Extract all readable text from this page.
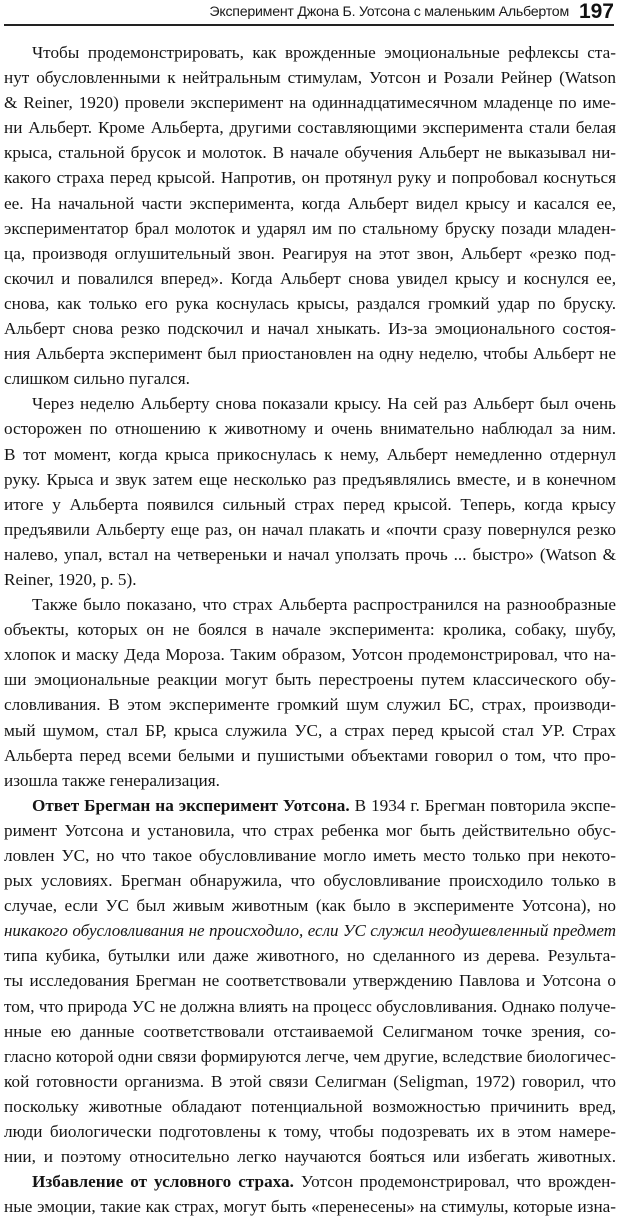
Эксперимент Джона Б. Уотсона с маленьким Альбертом 197
Чтобы продемонстрировать, как врожденные эмоциональные рефлексы ста-
нут обусловленными к нейтральным стимулам, Уотсон и Розали Рейнер (Watson
& Reiner, 1920) провели эксперимент на одиннадцатимесячном младенце по име-
ни Альберт. Кроме Альберта, другими составляющими эксперимента стали белая
крыса, стальной брусок и молоток. В начале обучения Альберт не выказывал ни-
какого страха перед крысой. Напротив, он протянул руку и попробовал коснуться
ее. На начальной части эксперимента, когда Альберт видел крысу и касался ее,
экспериментатор брал молоток и ударял им по стальному бруску позади младен-
ца, производя оглушительный звон. Реагируя на этот звон, Альберт «резко под-
скочил и повалился вперед». Когда Альберт снова увидел крысу и коснулся ее,
снова, как только его рука коснулась крысы, раздался громкий удар по бруску.
Альберт снова резко подскочил и начал хныкать. Из-за эмоционального состоя-
ния Альберта эксперимент был приостановлен на одну неделю, чтобы Альберт не
слишком сильно пугался.
Через неделю Альберту снова показали крысу. На сей раз Альберт был очень
осторожен по отношению к животному и очень внимательно наблюдал за ним.
В тот момент, когда крыса прикоснулась к нему, Альберт немедленно отдернул
руку. Крыса и звук затем еще несколько раз предъявлялись вместе, и в конечном
итоге у Альберта появился сильный страх перед крысой. Теперь, когда крысу
предъявили Альберту еще раз, он начал плакать и «почти сразу повернулся резко
налево, упал, встал на четвереньки и начал уползать прочь ... быстро» (Watson &
Reiner, 1920, p. 5).
Также было показано, что страх Альберта распространился на разнообразные
объекты, которых он не боялся в начале эксперимента: кролика, собаку, шубу,
хлопок и маску Деда Мороза. Таким образом, Уотсон продемонстрировал, что на-
ши эмоциональные реакции могут быть перестроены путем классического обу-
словливания. В этом эксперименте громкий шум служил БС, страх, производи-
мый шумом, стал БР, крыса служила УС, а страх перед крысой стал УР. Страх
Альберта перед всеми белыми и пушистыми объектами говорил о том, что про-
изошла также генерализация.
Ответ Брегман на эксперимент Уотсона. В 1934 г. Брегман повторила экспе-
римент Уотсона и установила, что страх ребенка мог быть действительно обус-
ловлен УС, но что такое обусловливание могло иметь место только при некото-
рых условиях. Брегман обнаружила, что обусловливание происходило только в
случае, если УС был живым животным (как было в эксперименте Уотсона), но
никакого обусловливания не происходило, если УС служил неодушевленный предмет
типа кубика, бутылки или даже животного, но сделанного из дерева. Результа-
ты исследования Брегман не соответствовали утверждению Павлова и Уотсона о
том, что природа УС не должна влиять на процесс обусловливания. Однако получе-
нные ею данные соответствовали отстаиваемой Селигманом точке зрения, со-
гласно которой одни связи формируются легче, чем другие, вследствие биологичес-
кой готовности организма. В этой связи Селигман (Seligman, 1972) говорил, что
поскольку животные обладают потенциальной возможностью причинить вред,
люди биологически подготовлены к тому, чтобы подозревать их в этом намере-
нии, и поэтому относительно легко научаются бояться или избегать животных.
Избавление от условного страха. Уотсон продемонстрировал, что врожден-
ные эмоции, такие как страх, могут быть «перенесены» на стимулы, которые изна-
